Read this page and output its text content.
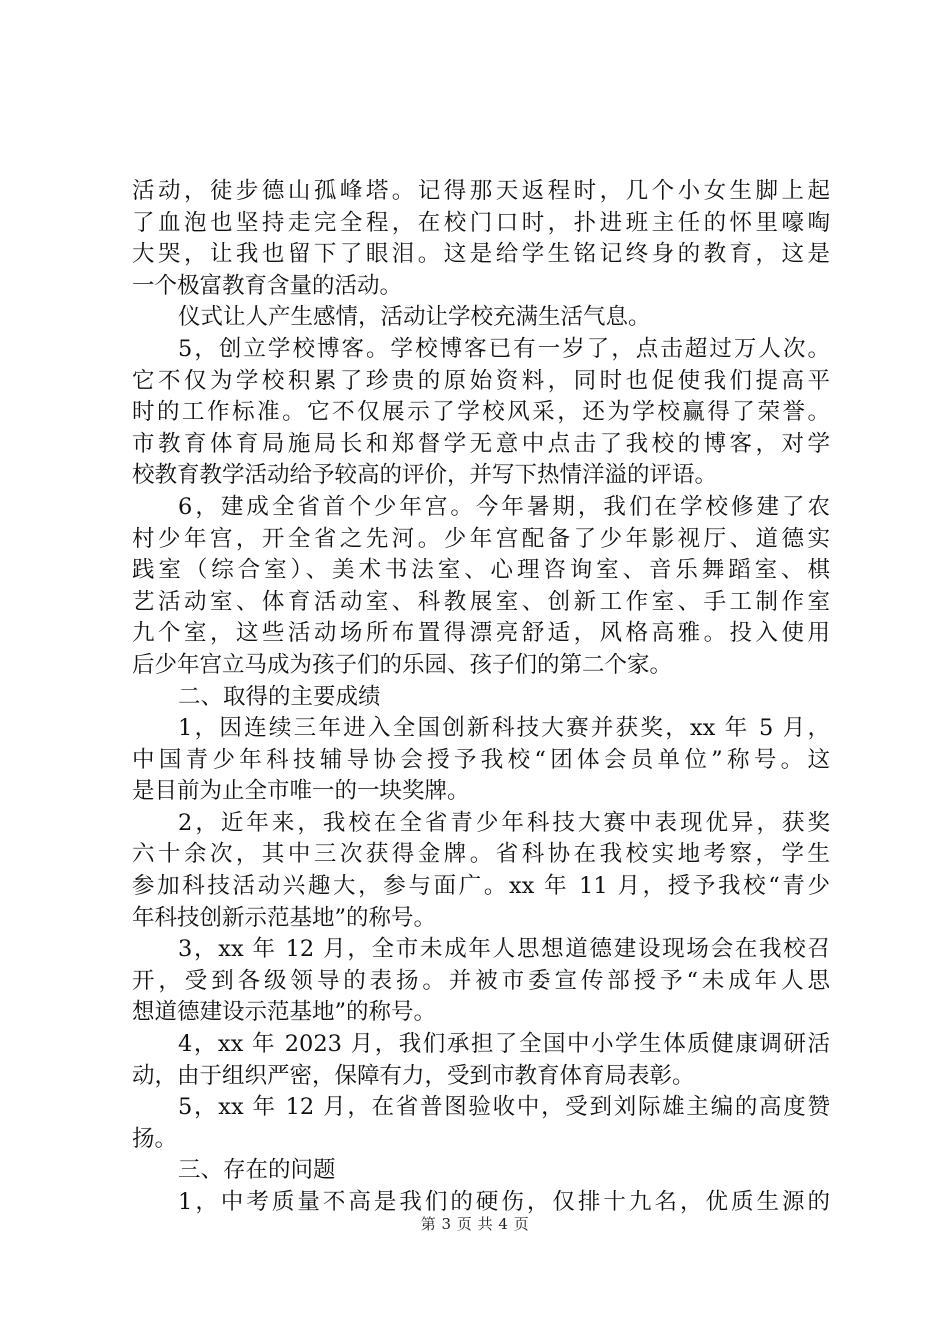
活动，徒步德山孤峰塔。记得那天返程时，几个小女生脚上起
了血泡也坚持走完全程，在校门口时，扑进班主任的怀里嚎啕
大哭，让我也留下了眼泪。这是给学生铭记终身的教育，这是
一个极富教育含量的活动。
仪式让人产生感情，活动让学校充满生活气息。
5，创立学校博客。学校博客已有一岁了，点击超过万人次。
它不仅为学校积累了珍贵的原始资料，同时也促使我们提高平
时的工作标准。它不仅展示了学校风采，还为学校赢得了荣誉。
市教育体育局施局长和郑督学无意中点击了我校的博客，对学
校教育教学活动给予较高的评价，并写下热情洋溢的评语。
6，建成全省首个少年宫。今年暑期，我们在学校修建了农
村少年宫，开全省之先河。少年宫配备了少年影视厅、道德实
践室（综合室）、美术书法室、心理咨询室、音乐舞蹈室、棋
艺活动室、体育活动室、科教展室、创新工作室、手工制作室
九个室，这些活动场所布置得漂亮舒适，风格高雅。投入使用
后少年宫立马成为孩子们的乐园、孩子们的第二个家。
二、取得的主要成绩
1，因连续三年进入全国创新科技大赛并获奖，xx 年 5 月，
中国青少年科技辅导协会授予我校“团体会员单位”称号。这
是目前为止全市唯一的一块奖牌。
2，近年来，我校在全省青少年科技大赛中表现优异，获奖
六十余次，其中三次获得金牌。省科协在我校实地考察，学生
参加科技活动兴趣大，参与面广。xx 年 11 月，授予我校“青少
年科技创新示范基地”的称号。
3，xx 年 12 月，全市未成年人思想道德建设现场会在我校召
开，受到各级领导的表扬。并被市委宣传部授予“未成年人思
想道德建设示范基地”的称号。
4，xx 年 2023 月，我们承担了全国中小学生体质健康调研活
动，由于组织严密，保障有力，受到市教育体育局表彰。
5，xx 年 12 月，在省普图验收中，受到刘际雄主编的高度赞
扬。
三、存在的问题
1，中考质量不高是我们的硬伤，仅排十九名，优质生源的
第 3 页 共 4 页
